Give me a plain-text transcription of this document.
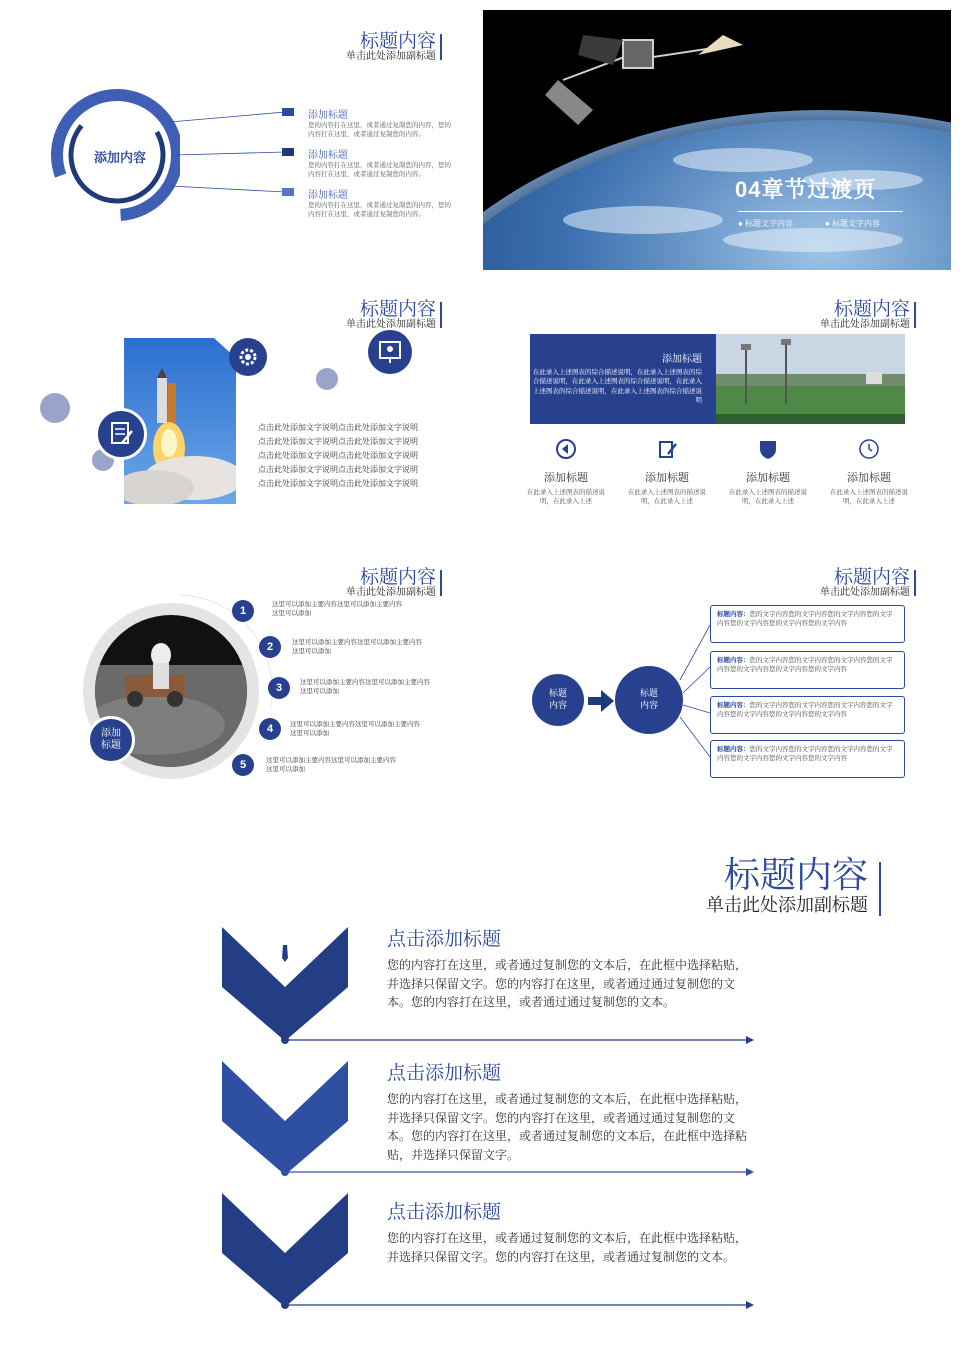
标题内容
单击此处添加副标题
添加内容
添加标题
您的内容打在这里，或者通过复制您的内容，您的内容打在这里，或者通过复制您的内容。
添加标题
您的内容打在这里，或者通过复制您的内容，您的内容打在这里，或者通过复制您的内容。
添加标题
您的内容打在这里，或者通过复制您的内容，您的内容打在这里，或者通过复制您的内容。
04章节过渡页
● 标题文字内容	● 标题文字内容
标题内容
单击此处添加副标题
点击此处添加文字说明点击此处添加文字说明
点击此处添加文字说明点击此处添加文字说明
点击此处添加文字说明点击此处添加文字说明
点击此处添加文字说明点击此处添加文字说明
点击此处添加文字说明点击此处添加文字说明
标题内容
单击此处添加副标题
添加标题
在此录入上述图表的综合描述说明，在此录入上述图表的综合描述说明，在此录入上述图表的综合描述说明，在此录入上述图表的综合描述说明，在此录入上述图表的综合描述说明
添加标题
在此录入上述图表的描述说明，在此录入上述
添加标题
在此录入上述图表的描述说明，在此录入上述
添加标题
在此录入上述图表的描述说明，在此录入上述
添加标题
在此录入上述图表的描述说明，在此录入上述
标题内容
单击此处添加副标题
添加
标题
1
这里可以添加主要内容这里可以添加主要内容这里可以添加
2	这里可以添加主要内容这里可以添加主要内容这里可以添加
3	这里可以添加主要内容这里可以添加主要内容这里可以添加
4	这里可以添加主要内容这里可以添加主要内容这里可以添加
5	这里可以添加主要内容这里可以添加主要内容这里可以添加
标题内容
单击此处添加副标题
标题
内容
标题
内容
标题内容：您的文字内容您的文字内容您的文字内容您的文字内容您的文字内容您的文字内容您的文字内容
标题内容：您的文字内容您的文字内容您的文字内容您的文字内容您的文字内容您的文字内容您的文字内容
标题内容：您的文字内容您的文字内容您的文字内容您的文字内容您的文字内容您的文字内容您的文字内容
标题内容：您的文字内容您的文字内容您的文字内容您的文字内容您的文字内容您的文字内容您的文字内容
标题内容
单击此处添加副标题
点击添加标题
您的内容打在这里，或者通过复制您的文本后，在此框中选择粘贴，并选择只保留文字。您的内容打在这里，或者通过通过复制您的文本。您的内容打在这里，或者通过通过复制您的文本。
点击添加标题
您的内容打在这里，或者通过复制您的文本后，在此框中选择粘贴，并选择只保留文字。您的内容打在这里，或者通过通过复制您的文本。您的内容打在这里，或者通过复制您的文本后，在此框中选择粘贴，并选择只保留文字。
$	点击添加标题
您的内容打在这里，或者通过复制您的文本后，在此框中选择粘贴，并选择只保留文字。您的内容打在这里，或者通过复制您的文本。
